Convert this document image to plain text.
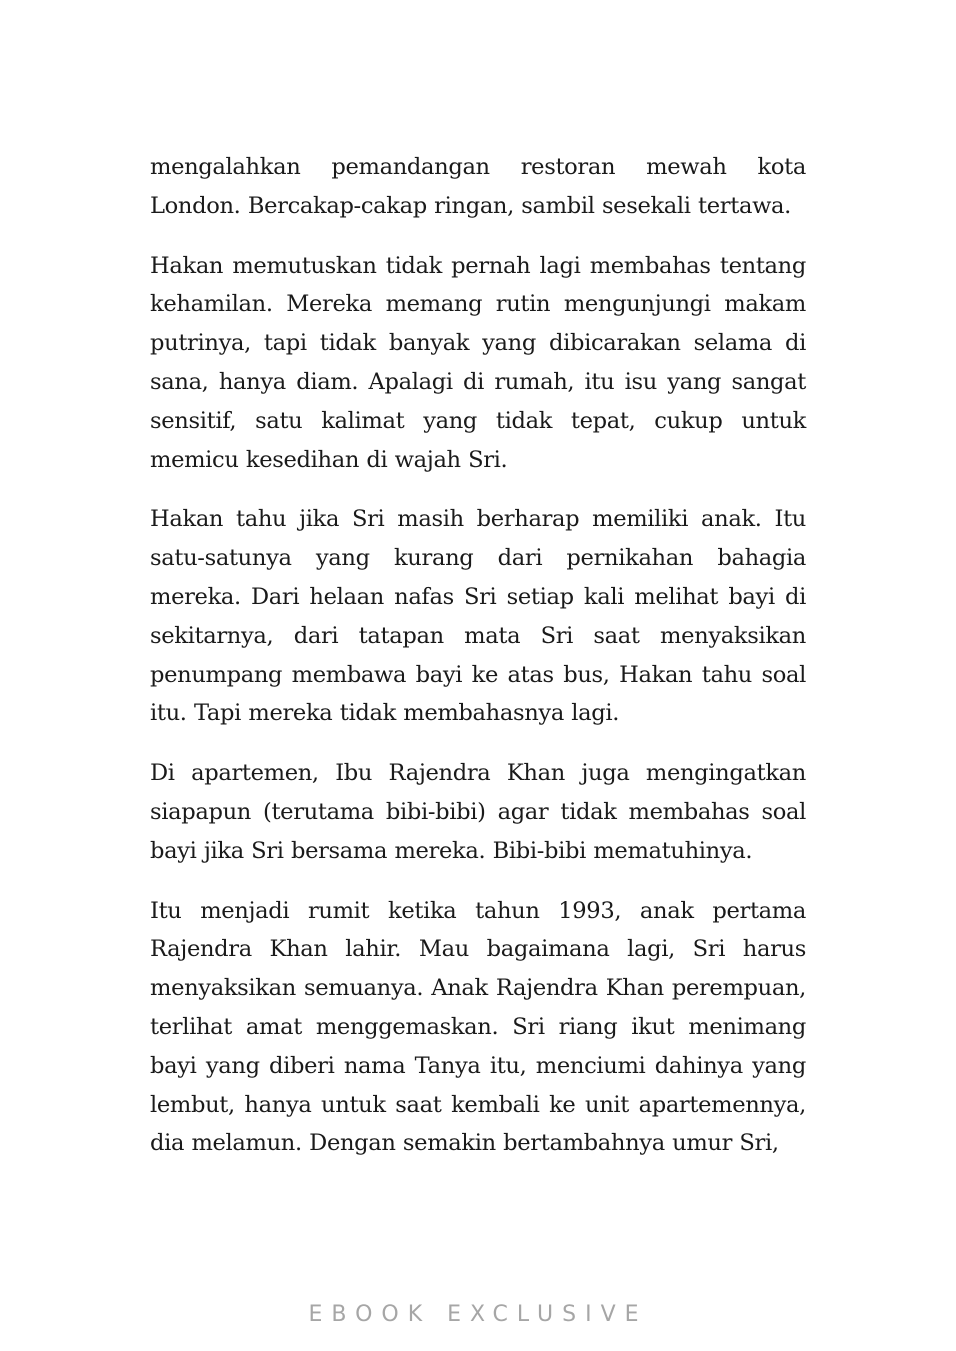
mengalahkan pemandangan restoran mewah kota London. Bercakap-cakap ringan, sambil sesekali tertawa.

Hakan memutuskan tidak pernah lagi membahas tentang kehamilan. Mereka memang rutin mengunjungi makam putrinya, tapi tidak banyak yang dibicarakan selama di sana, hanya diam. Apalagi di rumah, itu isu yang sangat sensitif, satu kalimat yang tidak tepat, cukup untuk memicu kesedihan di wajah Sri.

Hakan tahu jika Sri masih berharap memiliki anak. Itu satu-satunya yang kurang dari pernikahan bahagia mereka. Dari helaan nafas Sri setiap kali melihat bayi di sekitarnya, dari tatapan mata Sri saat menyaksikan penumpang membawa bayi ke atas bus, Hakan tahu soal itu. Tapi mereka tidak membahasnya lagi.

Di apartemen, Ibu Rajendra Khan juga mengingatkan siapapun (terutama bibi-bibi) agar tidak membahas soal bayi jika Sri bersama mereka. Bibi-bibi mematuhinya.

Itu menjadi rumit ketika tahun 1993, anak pertama Rajendra Khan lahir. Mau bagaimana lagi, Sri harus menyaksikan semuanya. Anak Rajendra Khan perempuan, terlihat amat menggemaskan. Sri riang ikut menimang bayi yang diberi nama Tanya itu, menciumi dahinya yang lembut, hanya untuk saat kembali ke unit apartemennya, dia melamun. Dengan semakin bertambahnya umur Sri,

EBOOK EXCLUSIVE
